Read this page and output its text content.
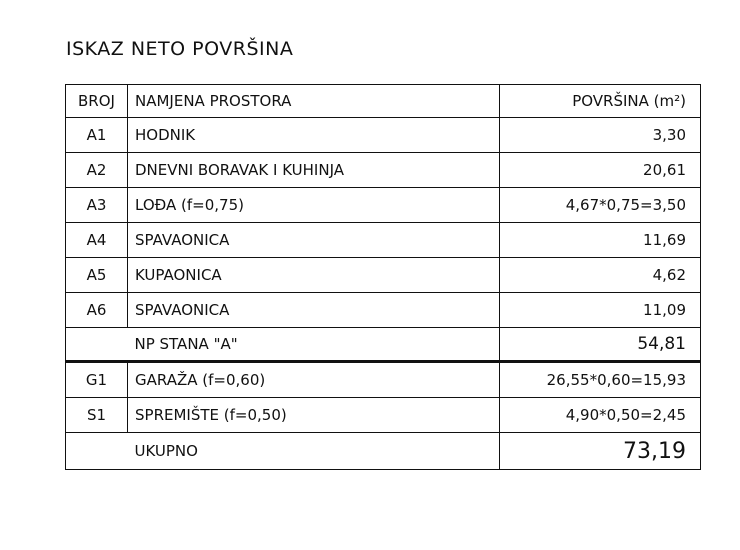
ISKAZ NETO POVRŠINA
BROJ	NAMJENA PROSTORA	POVRŠINA (m²)
A1	HODNIK	3,30
A2	DNEVNI BORAVAK I KUHINJA	20,61
A3	LOĐA (f=0,75)	4,67*0,75=3,50
A4	SPAVAONICA	11,69
A5	KUPAONICA	4,62
A6	SPAVAONICA	11,09
	NP STANA "A"	54,81
G1	GARAŽA (f=0,60)	26,55*0,60=15,93
S1	SPREMIŠTE (f=0,50)	4,90*0,50=2,45
	UKUPNO	73,19
